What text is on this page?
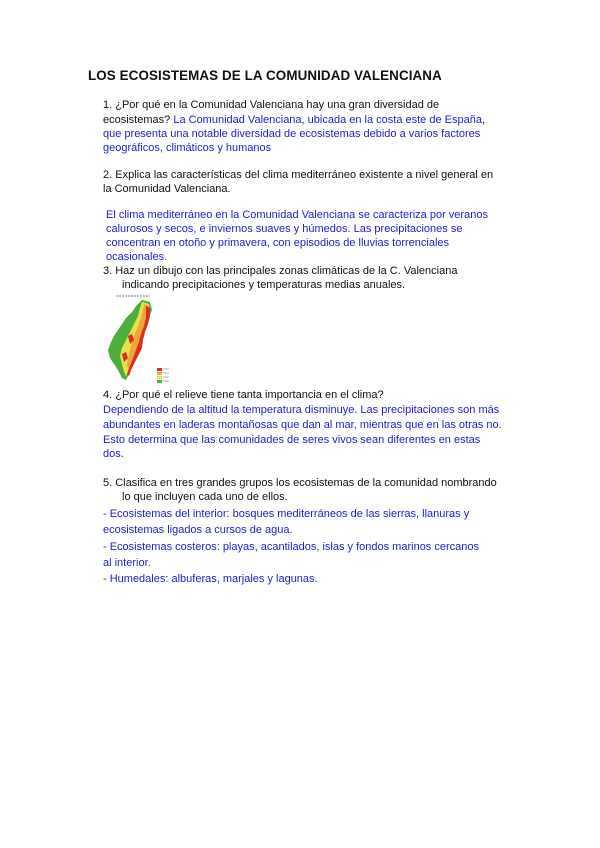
LOS ECOSISTEMAS DE LA COMUNIDAD VALENCIANA
1. ¿Por qué en la Comunidad Valenciana hay una gran diversidad de
ecosistemas? La Comunidad Valenciana, ubicada en la costa este de España,
que presenta una notable diversidad de ecosistemas debido a varios factores
geográficos, climáticos y humanos
2. Explica las características del clima mediterráneo existente a nivel general en
la Comunidad Valenciana.
El clima mediterráneo en la Comunidad Valenciana se caracteriza por veranos
calurosos y secos, e inviernos suaves y húmedos. Las precipitaciones se
concentran en otoño y primavera, con episodios de lluvias torrenciales
ocasionales.
3. Haz un dibujo con las principales zonas climáticas de la C. Valenciana
indicando precipitaciones y temperaturas medias anuales.
4. ¿Por qué el relieve tiene tanta importancia en el clima?
Dependiendo de la altitud la temperatura disminuye. Las precipitaciones son más
abundantes en laderas montañosas que dan al mar, mientras que en las otras no.
Esto determina que las comunidades de seres vivos sean diferentes en estas
dos.
5. Clasifica en tres grandes grupos los ecosistemas de la comunidad nombrando
lo que incluyen cada uno de ellos.
- Ecosistemas del interior: bosques mediterráneos de las sierras, llanuras y
ecosistemas ligados a cursos de agua.
- Ecosistemas costeros: playas, acantilados, islas y fondos marinos cercanos
al interior.
- Humedales: albuferas, marjales y lagunas.
